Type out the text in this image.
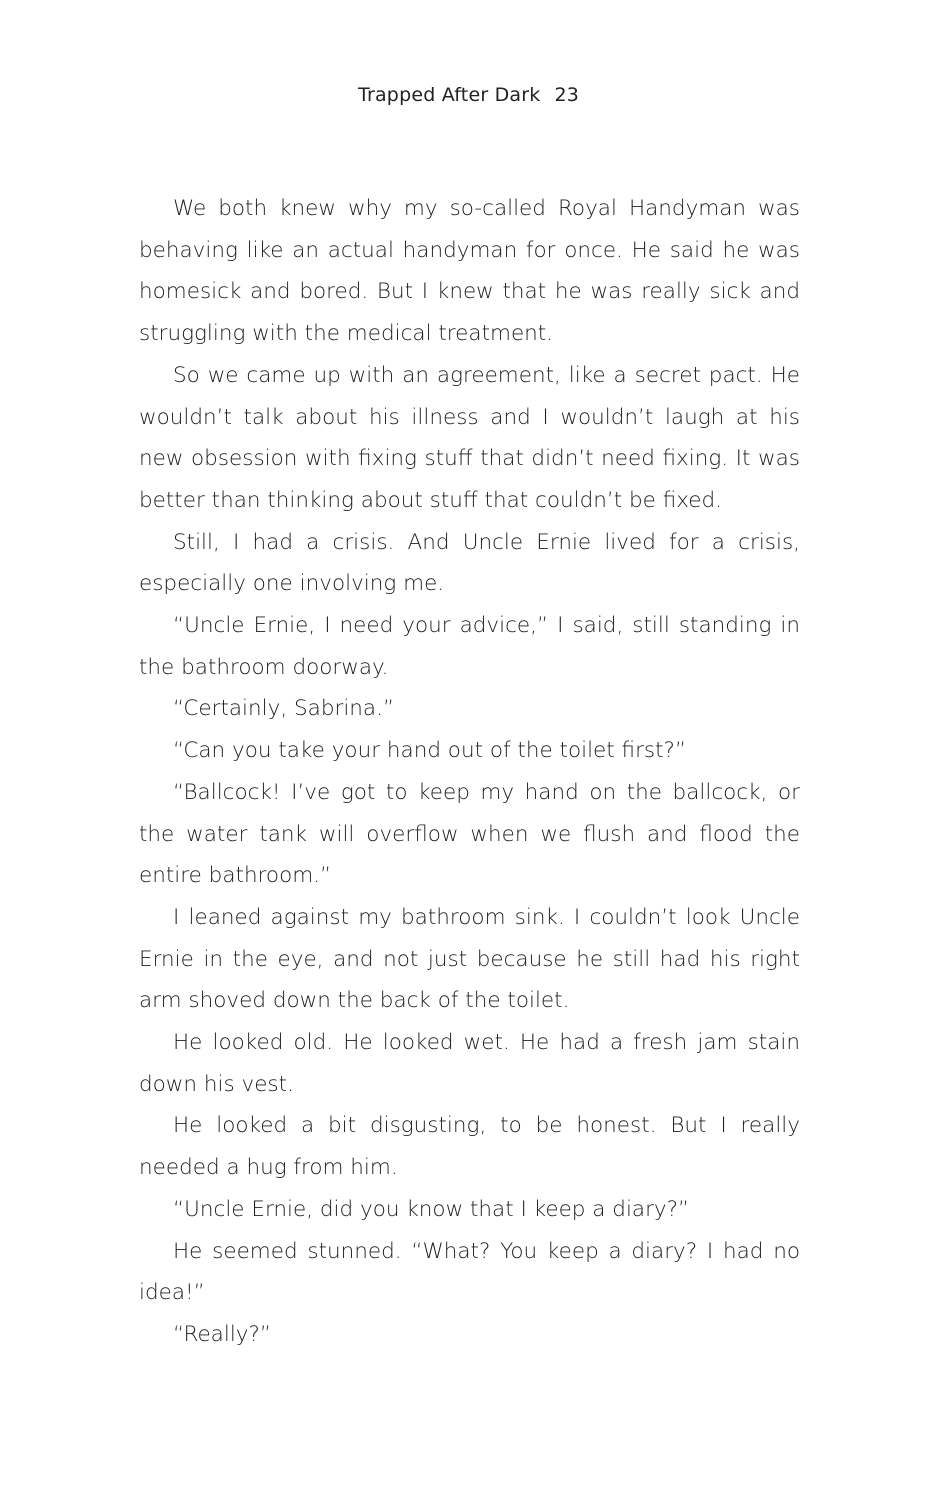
Trapped After Dark 23

We both knew why my so-called Royal Handyman was behaving like an actual handyman for once. He said he was homesick and bored. But I knew that he was really sick and struggling with the medical treatment.

So we came up with an agreement, like a secret pact. He wouldn’t talk about his illness and I wouldn’t laugh at his new obsession with fixing stuff that didn’t need fixing. It was better than thinking about stuff that couldn’t be fixed.

Still, I had a crisis. And Uncle Ernie lived for a crisis, especially one involving me.

“Uncle Ernie, I need your advice,” I said, still standing in the bathroom doorway.

“Certainly, Sabrina.”

“Can you take your hand out of the toilet first?”

“Ballcock! I’ve got to keep my hand on the ballcock, or the water tank will overflow when we flush and flood the entire bathroom.”

I leaned against my bathroom sink. I couldn’t look Uncle Ernie in the eye, and not just because he still had his right arm shoved down the back of the toilet.

He looked old. He looked wet. He had a fresh jam stain down his vest.

He looked a bit disgusting, to be honest. But I really needed a hug from him.

“Uncle Ernie, did you know that I keep a diary?”

He seemed stunned. “What? You keep a diary? I had no idea!”

“Really?”
